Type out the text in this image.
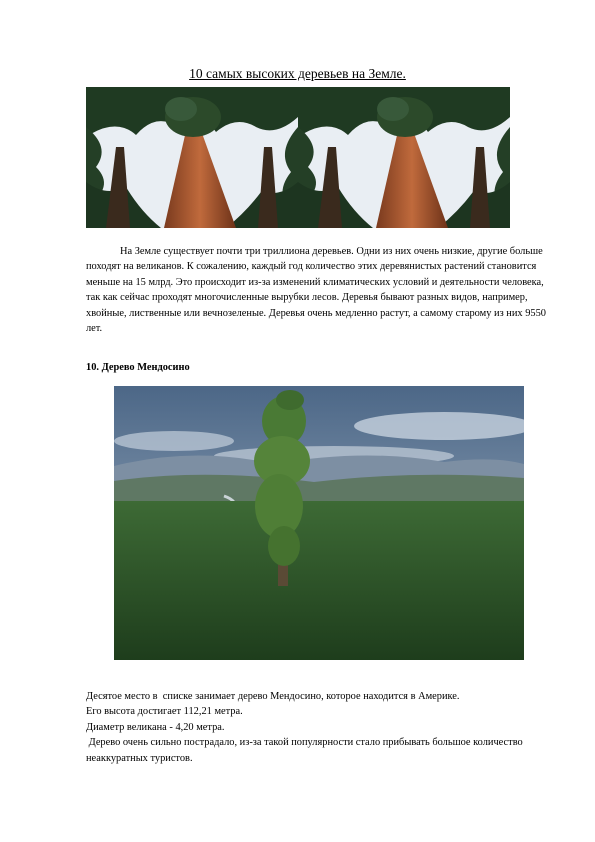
10 самых высоких деревьев на Земле.

На Земле существует почти три триллиона деревьев. Одни из них очень низкие, другие больше походят на великанов. К сожалению, каждый год количество этих деревянистых растений становится меньше на 15 млрд. Это происходит из-за изменений климатических условий и деятельности человека, так как сейчас проходят многочисленные вырубки лесов. Деревья бывают разных видов, например, хвойные, лиственные или вечнозеленые. Деревья очень медленно растут, а самому старому из них 9550 лет.

10. Дерево Мендосино

Десятое место в  списке занимает дерево Мендосино, которое находится в Америке.

Его высота достигает 112,21 метра.

Диаметр великана - 4,20 метра.

Дерево очень сильно пострадало, из-за такой популярности стало прибывать большое количество неаккуратных туристов.
